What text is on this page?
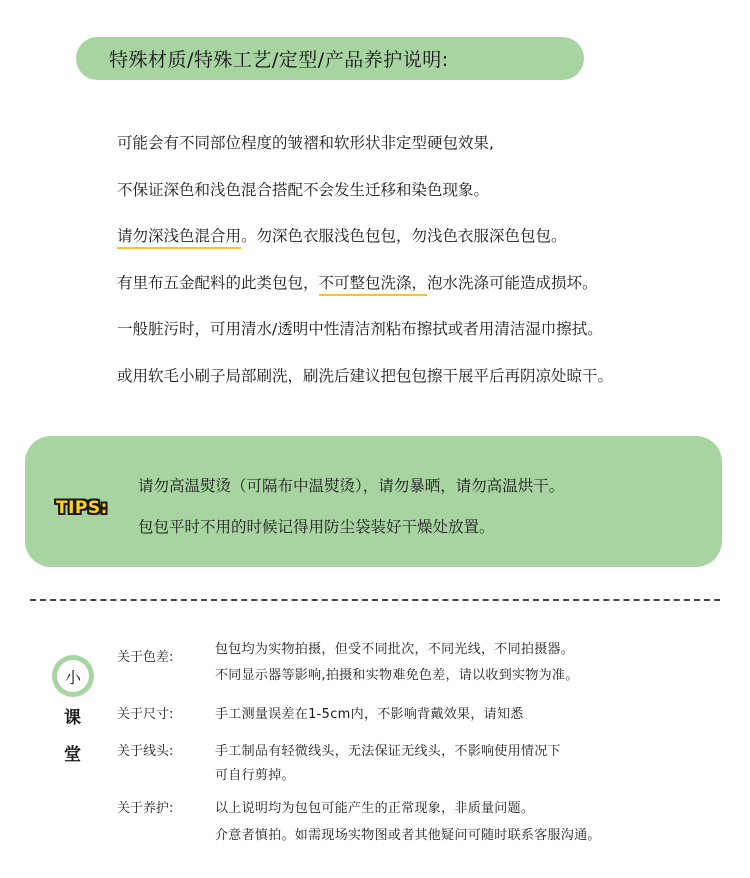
特殊材质/特殊工艺/定型/产品养护说明:
可能会有不同部位程度的皱褶和软形状非定型硬包效果,
不保证深色和浅色混合搭配不会发生迁移和染色现象。
请勿深浅色混合用。勿深色衣服浅色包包，勿浅色衣服深色包包。
有里布五金配料的此类包包，不可整包洗涤，泡水洗涤可能造成损坏。
一般脏污时，可用清水/透明中性清洁剂粘布擦拭或者用清洁湿巾擦拭。
或用软毛小刷子局部刷洗，刷洗后建议把包包擦干展平后再阴凉处晾干。
TIPS:
请勿高温熨烫（可隔布中温熨烫），请勿暴晒，请勿高温烘干。
包包平时不用的时候记得用防尘袋装好干燥处放置。
小
课
堂
关于色差:
包包均为实物拍摄，但受不同批次，不同光线，不同拍摄器。
不同显示器等影响,拍摄和实物难免色差，请以收到实物为准。
关于尺寸:	手工测量误差在1-5cm内，不影响背戴效果，请知悉
关于线头:	手工制品有轻微线头，无法保证无线头，不影响使用情况下
可自行剪掉。
关于养护:	以上说明均为包包可能产生的正常现象，非质量问题。
介意者慎拍。如需现场实物图或者其他疑问可随时联系客服沟通。
